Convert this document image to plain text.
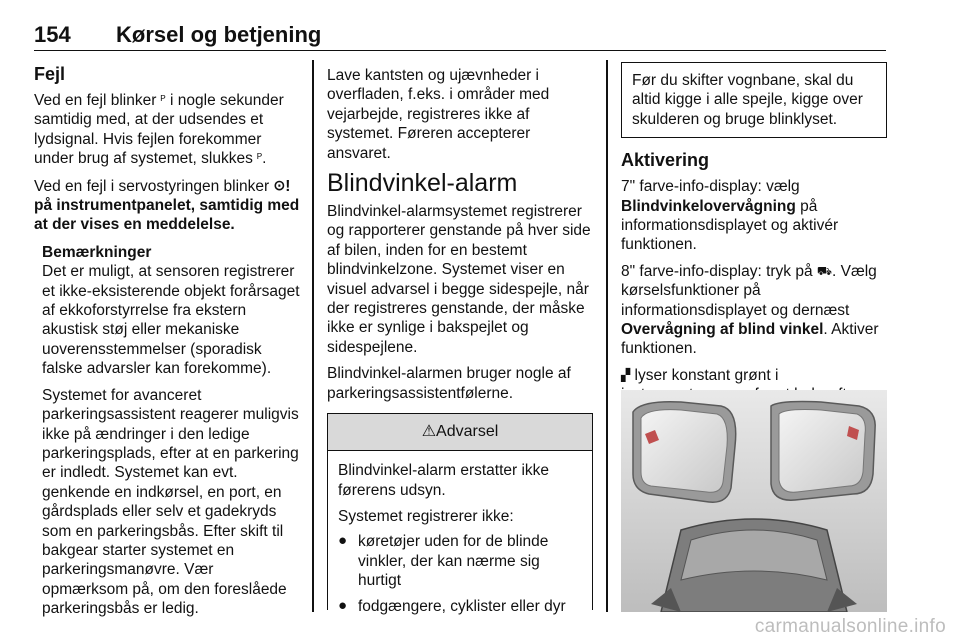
154 Kørsel og betjening
Fejl

Ved en fejl blinker ᴾ i nogle sekunder samtidig med, at der udsendes et lydsignal. Hvis fejlen forekommer under brug af systemet, slukkes ᴾ.

Ved en fejl i servostyringen blinker ⊙! på instrumentpanelet, samtidig med at der vises en meddelelse.

Bemærkninger

Det er muligt, at sensoren registrerer et ikke-eksisterende objekt forårsaget af ekkoforstyrrelse fra ekstern akustisk støj eller mekaniske uoverensstemmelser (sporadisk falske advarsler kan forekomme).

Systemet for avanceret parkeringsassistent reagerer muligvis ikke på ændringer i den ledige parkeringsplads, efter at en parkering er indledt. Systemet kan evt. genkende en indkørsel, en port, en gårdsplads eller selv et gadekryds som en parkeringsbås. Efter skift til bakgear starter systemet en parkeringsmanøvre. Vær opmærksom på, om den foreslåede parkeringsbås er ledig.

Lave kantsten og ujævnheder i overfladen, f.eks. i områder med vejarbejde, registreres ikke af systemet. Føreren accepterer ansvaret.

Blindvinkel-alarm

Blindvinkel-alarmsystemet registrerer og rapporterer genstande på hver side af bilen, inden for en bestemt blindvinkelzone. Systemet viser en visuel advarsel i begge sidespejle, når der registreres genstande, der måske ikke er synlige i bakspejlet og sidespejlene.

Blindvinkel-alarmen bruger nogle af parkeringsassistentfølerne.

⚠Advarsel

Blindvinkel-alarm erstatter ikke førerens udsyn.

Systemet registrerer ikke:

● køretøjer uden for de blinde vinkler, der kan nærme sig hurtigt

● fodgængere, cyklister eller dyr

Før du skifter vognbane, skal du altid kigge i alle spejle, kigge over skulderen og bruge blinklyset.

Aktivering

7" farve-info-display: vælg Blindvinkelovervågning på informationsdisplayet og aktivér funktionen.

8" farve-info-display: tryk på ⛟. Vælg kørselsfunktioner på informationsdisplayet og dernæst Overvågning af blind vinkel. Aktiver funktionen.

▞ lyser konstant grønt i

carmanualsonline.info
